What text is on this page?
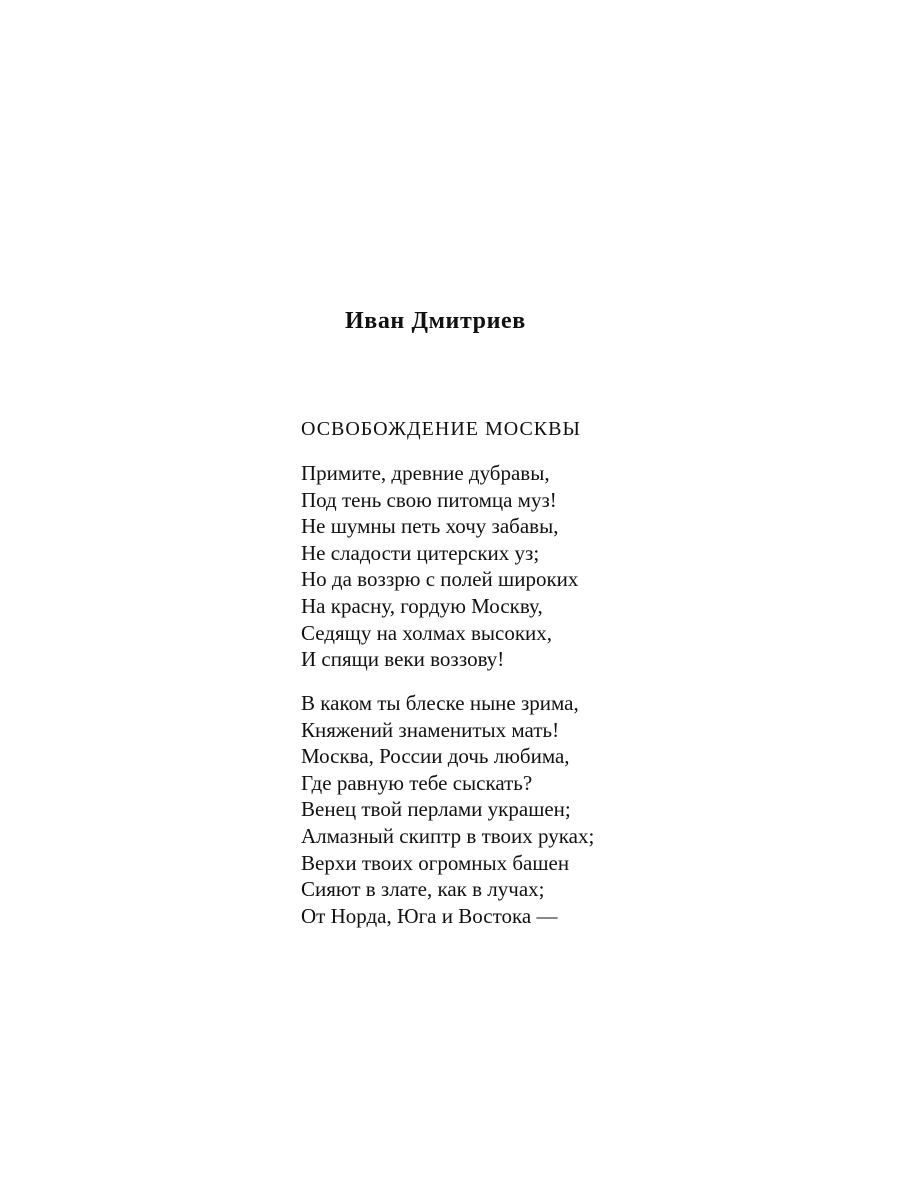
Иван Дмитриев
ОСВОБОЖДЕНИЕ МОСКВЫ
Примите, древние дубравы,
Под тень свою питомца муз!
Не шумны петь хочу забавы,
Не сладости цитерских уз;
Но да воззрю с полей широких
На красну, гордую Москву,
Седящу на холмах высоких,
И спящи веки воззову!
В каком ты блеске ныне зрима,
Княжений знаменитых мать!
Москва, России дочь любима,
Где равную тебе сыскать?
Венец твой перлами украшен;
Алмазный скиптр в твоих руках;
Верхи твоих огромных башен
Сияют в злате, как в лучах;
От Норда, Юга и Востока —
